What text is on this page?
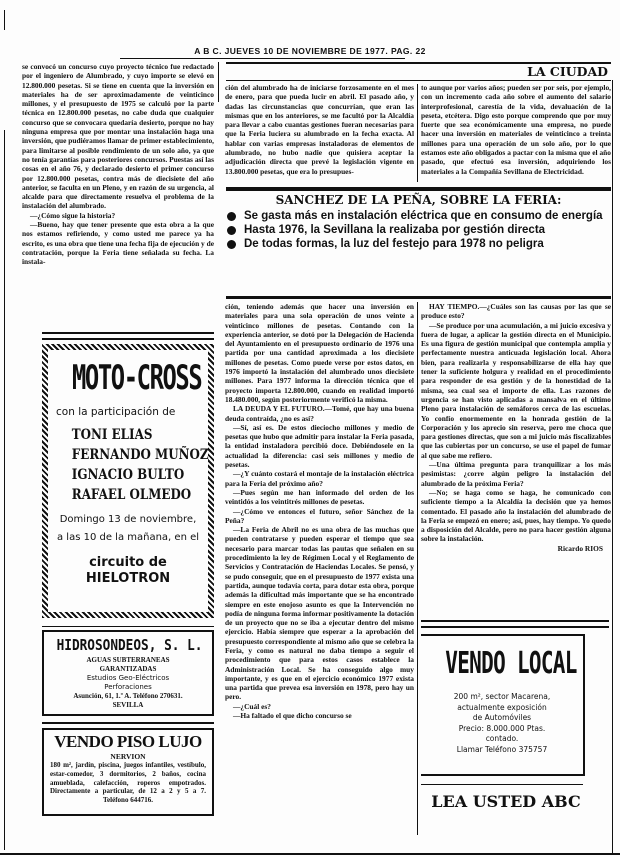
A B C. JUEVES 10 DE NOVIEMBRE DE 1977. PAG. 22

se convocó un concurso cuyo proyecto técnico fue redactado por el ingeniero de Alumbrado, y cuyo importe se elevó en 12.800.000 pesetas. Si se tiene en cuenta que la inversión en materiales ha de ser aproximadamente de veinticinco millones, y el presupuesto de 1975 se calculó por la parte técnica en 12.800.000 pesetas, no cabe duda que cualquier concurso que se convocara quedaría desierto, porque no hay ninguna empresa que por montar una instalación haga una inversión, que pudiéramos llamar de primer establecimiento, para limitarse al posible rendimiento de un solo año, ya que no tenía garantías para posteriores concursos. Puestas así las cosas en el año 76, y declarado desierto el primer concurso por 12.800.000 pesetas, contra más de diecisiete del año anterior, se faculta en un Pleno, y en razón de su urgencia, al alcalde para que directamente resuelva el problema de la instalación del alumbrado.

—¿Cómo sigue la historia?

—Bueno, hay que tener presente que esta obra a la que nos estamos refiriendo, y como usted me parece ya ha escrito, es una obra que tiene una fecha fija de ejecución y de contratación, porque la Feria tiene señalada su fecha. La instala-

LA CIUDAD
ción del alumbrado ha de iniciarse forzosamente en el mes de enero, para que pueda lucir en abril. El pasado año, y dadas las circunstancias que concurrían, que eran las mismas que en los anteriores, se me facultó por la Alcaldía para llevar a cabo cuantas gestiones fueran necesarias para que la Feria luciera su alumbrado en la fecha exacta. Al hablar con varias empresas instaladoras de elementos de alumbrado, no hubo nadie que quisiera aceptar la adjudicación directa que prevé la legislación vigente en 13.800.000 pesetas, que era lo presupues-
to aunque por varios años; pueden ser por seis, por ejemplo, con un incremento cada año sobre el aumento del salario interprofesional, carestía de la vida, devaluación de la peseta, etcétera. Digo esto porque comprendo que por muy fuerte que sea económicamente una empresa, no puede hacer una inversión en materiales de veinticinco a treinta millones para una operación de un solo año, por lo que estamos este año obligados a pactar con la misma que el año pasado, que efectuó esa inversión, adquiriendo los materiales a la Compañía Sevillana de Electricidad.
SANCHEZ DE LA PEÑA, SOBRE LA FERIA:
Se gasta más en instalación eléctrica que en consumo de energía
Hasta 1976, la Sevillana la realizaba por gestión directa
De todas formas, la luz del festejo para 1978 no peligra

ción, teniendo además que hacer una inversión en materiales para una sola operación de unos veinte a veinticinco millones de pesetas. Contando con la experiencia anterior, se dotó por la Delegación de Hacienda del Ayuntamiento en el presupuesto ordinario de 1976 una partida por una cantidad aproximada a los diecisiete millones de pesetas. Como puede verse por estos datos, en 1976 importó la instalación del alumbrado unos diecisiete millones. Para 1977 informa la dirección técnica que el proyecto importa 12.800.000, cuando en realidad importó 18.480.000, según posteriormente verificó la misma.

LA DEUDA Y EL FUTURO.—Tomé, que hay una buena deuda contraída, ¿no es así?

—Sí, así es. De estos dieciocho millones y medio de pesetas que hubo que admitir para instalar la Feria pasada, la entidad instaladora percibió doce. Debiéndosele en la actualidad la diferencia: casi seis millones y medio de pesetas.

—¿Y cuánto costará el montaje de la instalación eléctrica para la Feria del próximo año?

—Pues según me han informado del orden de los veintidós a los veintitrés millones de pesetas.

—¿Cómo ve entonces el futuro, señor Sánchez de la Peña?

—La Feria de Abril no es una obra de las muchas que pueden contratarse y pueden esperar el tiempo que sea necesario para marcar todas las pautas que señalen en su procedimiento la ley de Régimen Local y el Reglamento de Servicios y Contratación de Haciendas Locales. Se pensó, y se pudo conseguir, que en el presupuesto de 1977 exista una partida, aunque todavía corta, para dotar esta obra, porque además la dificultad más importante que se ha encontrado siempre en este enojoso asunto es que la Intervención no podía de ninguna forma informar positivamente la dotación de un proyecto que no se iba a ejecutar dentro del mismo ejercicio. Había siempre que esperar a la aprobación del presupuesto correspondiente al mismo año que se celebra la Feria, y como es natural no daba tiempo a seguir el procedimiento que para estos casos establece la Administración Local. Se ha conseguido algo muy importante, y es que en el ejercicio económico 1977 exista una partida que prevea esa inversión en 1978, pero hay un pero.

—¿Cuál es?

—Ha faltado el que dicho concurso se

HAY TIEMPO.—¿Cuáles son las causas por las que se produce esto?

—Se produce por una acumulación, a mi juicio excesiva y fuera de lugar, a aplicar la gestión directa en el Municipio. Es una figura de gestión municipal que contempla amplia y perfectamente nuestra anticuada legislación local. Ahora bien, para realizarla y responsabilizarse de ella hay que tener la suficiente holgura y realidad en el procedimiento para responder de esa gestión y de la honestidad de la misma, sea cual sea el importe de ella. Las razones de urgencia se han visto aplicadas a mansalva en el último Pleno para instalación de semáforos cerca de las escuelas. Yo confío enormemente en la honrada gestión de la Corporación y los aprecio sin reserva, pero me choca que para gestiones directas, que son a mi juicio más fiscalizables que las cubiertas por un concurso, se use el papel de fumar al que sabe me refiero.

—Una última pregunta para tranquilizar a los más pesimistas: ¿corre algún peligro la instalación del alumbrado de la próxima Feria?

—No; se haga como se haga, he comunicado con suficiente tiempo a la Alcaldía la decisión que ya hemos comentado. El pasado año la instalación del alumbrado de la Feria se empezó en enero; así, pues, hay tiempo. Yo quedo a disposición del Alcalde, pero no para hacer gestión alguna sobre la instalación.

Ricardo RIOS
MOTO-CROSS
con la participación de
TONI ELIAS
FERNANDO MUÑOZ
IGNACIO BULTO
RAFAEL OLMEDO
Domingo 13 de noviembre,
a las 10 de la mañana, en el
circuito de HIELOTRON
HIDROSONDEOS, S. L.
AGUAS SUBTERRANEAS
GARANTIZADAS
Estudios Geo-Eléctricos
Perforaciones
Asunción, 61, 1.º A. Teléfono 270631.
SEVILLA
VENDO PISO LUJO
NERVION
180 m², jardín, piscina, juegos infantiles, vestíbulo, estar-comedor, 3 dormitorios, 2 baños, cocina amueblada, calefacción, roperos empotrados. Directamente a particular, de 12 a 2 y 5 a 7. Teléfono 644716.
VENDO LOCAL
200 m², sector Macarena,
actualmente exposición
de Automóviles
Precio: 8.000.000 Ptas.
contado.
Llamar Teléfono 375757
LEA USTED ABC
